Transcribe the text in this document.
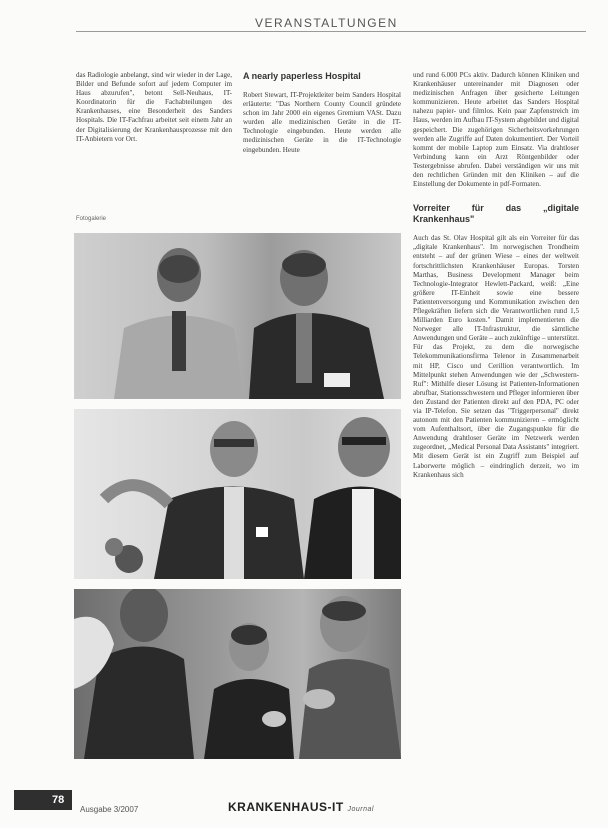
VERANSTALTUNGEN

das Radiologie anbelangt, sind wir wieder in der Lage, Bilder und Befunde sofort auf jedem Computer im Haus abzurufen", betont Sell-Neuhaus, IT-Koordinatorin für die Fachabteilungen des Krankenhauses, eine Besonderheit des Sanders Hospitals. Die IT-Fachfrau arbeitet seit einem Jahr an der Digitalisierung der Krankenhausprozesse mit den IT-Anbietern vor Ort.

Fotogalerie
A nearly paperless Hospital

Robert Stewart, IT-Projektleiter beim Sanders Hospital erläuterte: "Das Northern County Council gründete schon im Jahr 2000 ein eigenes Gremium VASt. Dazu wurden alle medizinischen Geräte in die IT-Technologie eingebunden. Heute werden alle medizinischen Geräte in die IT-Technologie eingebunden. Heute

und rund 6.000 PCs aktiv. Dadurch können Kliniken und Krankenhäuser untereinander mit Diagnosen oder medizinischen Anfragen über gesicherte Leitungen kommunizieren. Heute arbeitet das Sanders Hospital nahezu papier- und filmlos. Kein paar Zapfenstreich im Haus, werden im Aufbau IT-System abgebildet und digital gespeichert. Die zugehörigen Sicherheitsvorkehrungen werden alle Zugriffe auf Daten dokumentiert. Der Vorteil kommt der mobile Laptop zum Einsatz. Via drahtloser Verbindung kann ein Arzt Röntgenbilder oder Testergebnisse abrufen. Dabei verständigen wir uns mit den rechtlichen Gründen mit den Kliniken – auf die Einstellung der Dokumente in pdf-Formaten.

Vorreiter für das „digitale Krankenhaus"

Auch das St. Olav Hospital gilt als ein Vorreiter für das „digitale Krankenhaus". Im norwegischen Trondheim entsteht – auf der grünen Wiese – eines der weltweit fortschrittlichsten Krankenhäuser Europas. Torsten Marthas, Business Development Manager beim Technologie-Integrator Hewlett-Packard, weiß: „Eine größere IT-Einheit sowie eine bessere Patientenversorgung und Kommunikation zwischen den Pflegekräften liefern sich die Verantwortlichen rund 1,5 Milliarden Euro kosten." Damit implementierten die Norweger alle IT-Infrastruktur, die sämtliche Anwendungen und Geräte – auch zukünftige – unterstützt. Für das Projekt, zu dem die norwegische Telekommunikationsfirma Telenor in Zusammenarbeit mit HP, Cisco und Cerillion verantwortlich. Im Mittelpunkt stehen Anwendungen wie der „Schwestern-Ruf": Mithilfe dieser Lösung ist Patienten-Informationen abrufbar, Stationsschwestern und Pfleger informieren über den Zustand der Patienten direkt auf den PDA, PC oder via IP-Telefon. Sie setzen das "Triggerpersonal" direkt autonom mit den Patienten kommunizieren – ermöglicht vom Aufenthaltsort, über die Zugangspunkte für die Anwendung drahtloser Geräte im Netzwerk werden zugeordnet, „Medical Personal Data Assistants" integriert. Mit diesem Gerät ist ein Zugriff zum Beispiel auf Laborwerte möglich – eindringlich derzeit, wo im Krankenhaus sich

78
Ausgabe 3/2007	KRANKENHAUS-IT Journal
